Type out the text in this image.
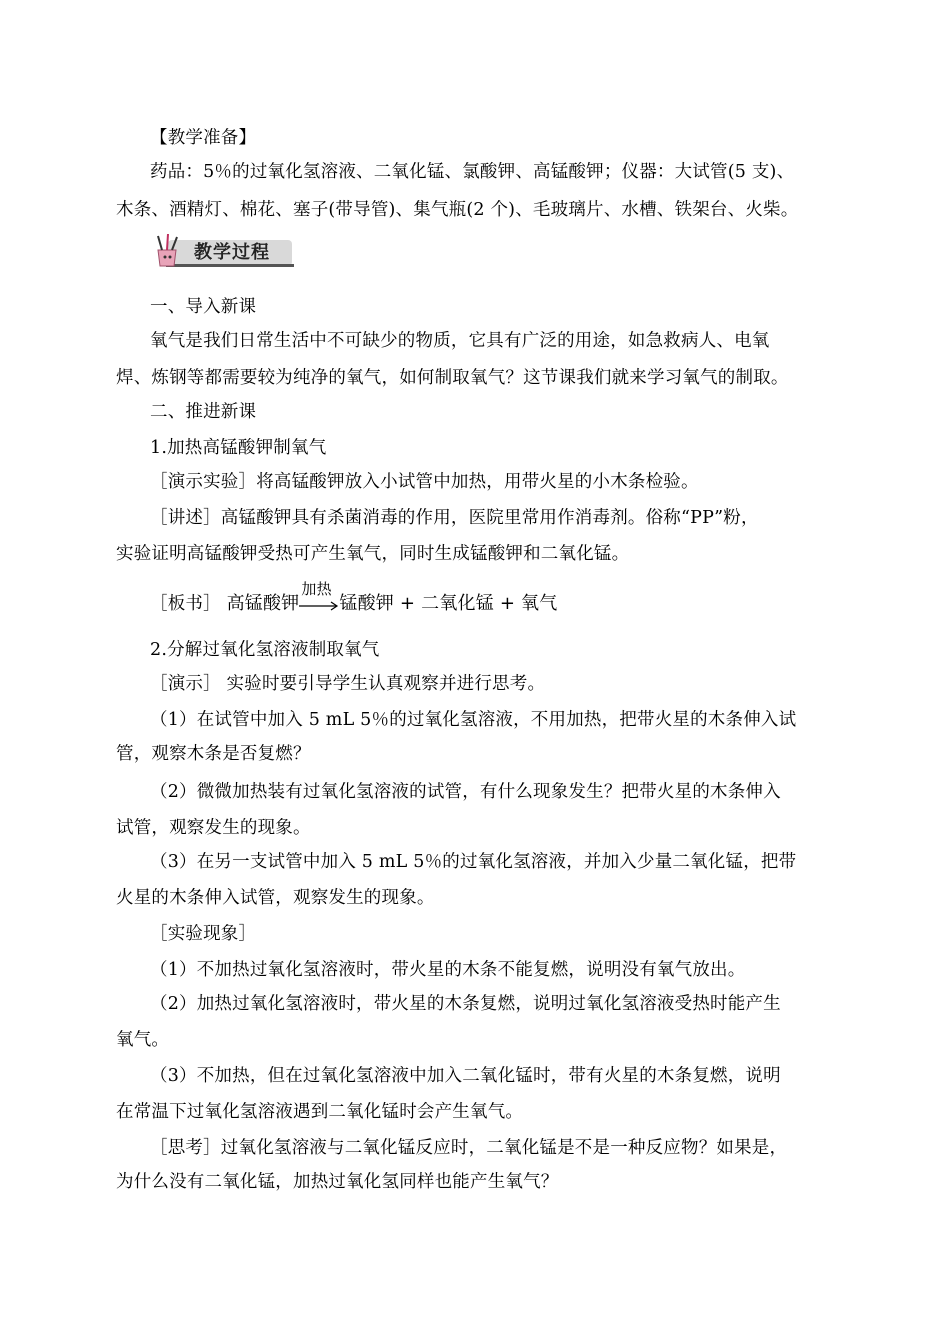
【教学准备】
药品：5％的过氧化氢溶液、二氧化锰、氯酸钾、高锰酸钾；仪器：大试管(5 支)、
木条、酒精灯、棉花、塞子(带导管)、集气瓶(2 个)、毛玻璃片、水槽、铁架台、火柴。
教学过程
一、导入新课
氧气是我们日常生活中不可缺少的物质，它具有广泛的用途，如急救病人、电氧
焊、炼钢等都需要较为纯净的氧气，如何制取氧气？这节课我们就来学习氧气的制取。
二、推进新课
1.加热高锰酸钾制氧气
［演示实验］将高锰酸钾放入小试管中加热，用带火星的小木条检验。
［讲述］高锰酸钾具有杀菌消毒的作用，医院里常用作消毒剂。俗称“PP”粉，
实验证明高锰酸钾受热可产生氧气，同时生成锰酸钾和二氧化锰。
［板书］ 高锰酸钾
加热
锰酸钾 + 二氧化锰 + 氧气
2.分解过氧化氢溶液制取氧气
［演示］ 实验时要引导学生认真观察并进行思考。
（1）在试管中加入 5 mL 5％的过氧化氢溶液，不用加热，把带火星的木条伸入试
管，观察木条是否复燃？
（2）微微加热装有过氧化氢溶液的试管，有什么现象发生？把带火星的木条伸入
试管，观察发生的现象。
（3）在另一支试管中加入 5 mL 5％的过氧化氢溶液，并加入少量二氧化锰，把带
火星的木条伸入试管，观察发生的现象。
［实验现象］
（1）不加热过氧化氢溶液时，带火星的木条不能复燃，说明没有氧气放出。
（2）加热过氧化氢溶液时，带火星的木条复燃，说明过氧化氢溶液受热时能产生
氧气。
（3）不加热，但在过氧化氢溶液中加入二氧化锰时，带有火星的木条复燃，说明
在常温下过氧化氢溶液遇到二氧化锰时会产生氧气。
［思考］过氧化氢溶液与二氧化锰反应时，二氧化锰是不是一种反应物？如果是，
为什么没有二氧化锰，加热过氧化氢同样也能产生氧气？
